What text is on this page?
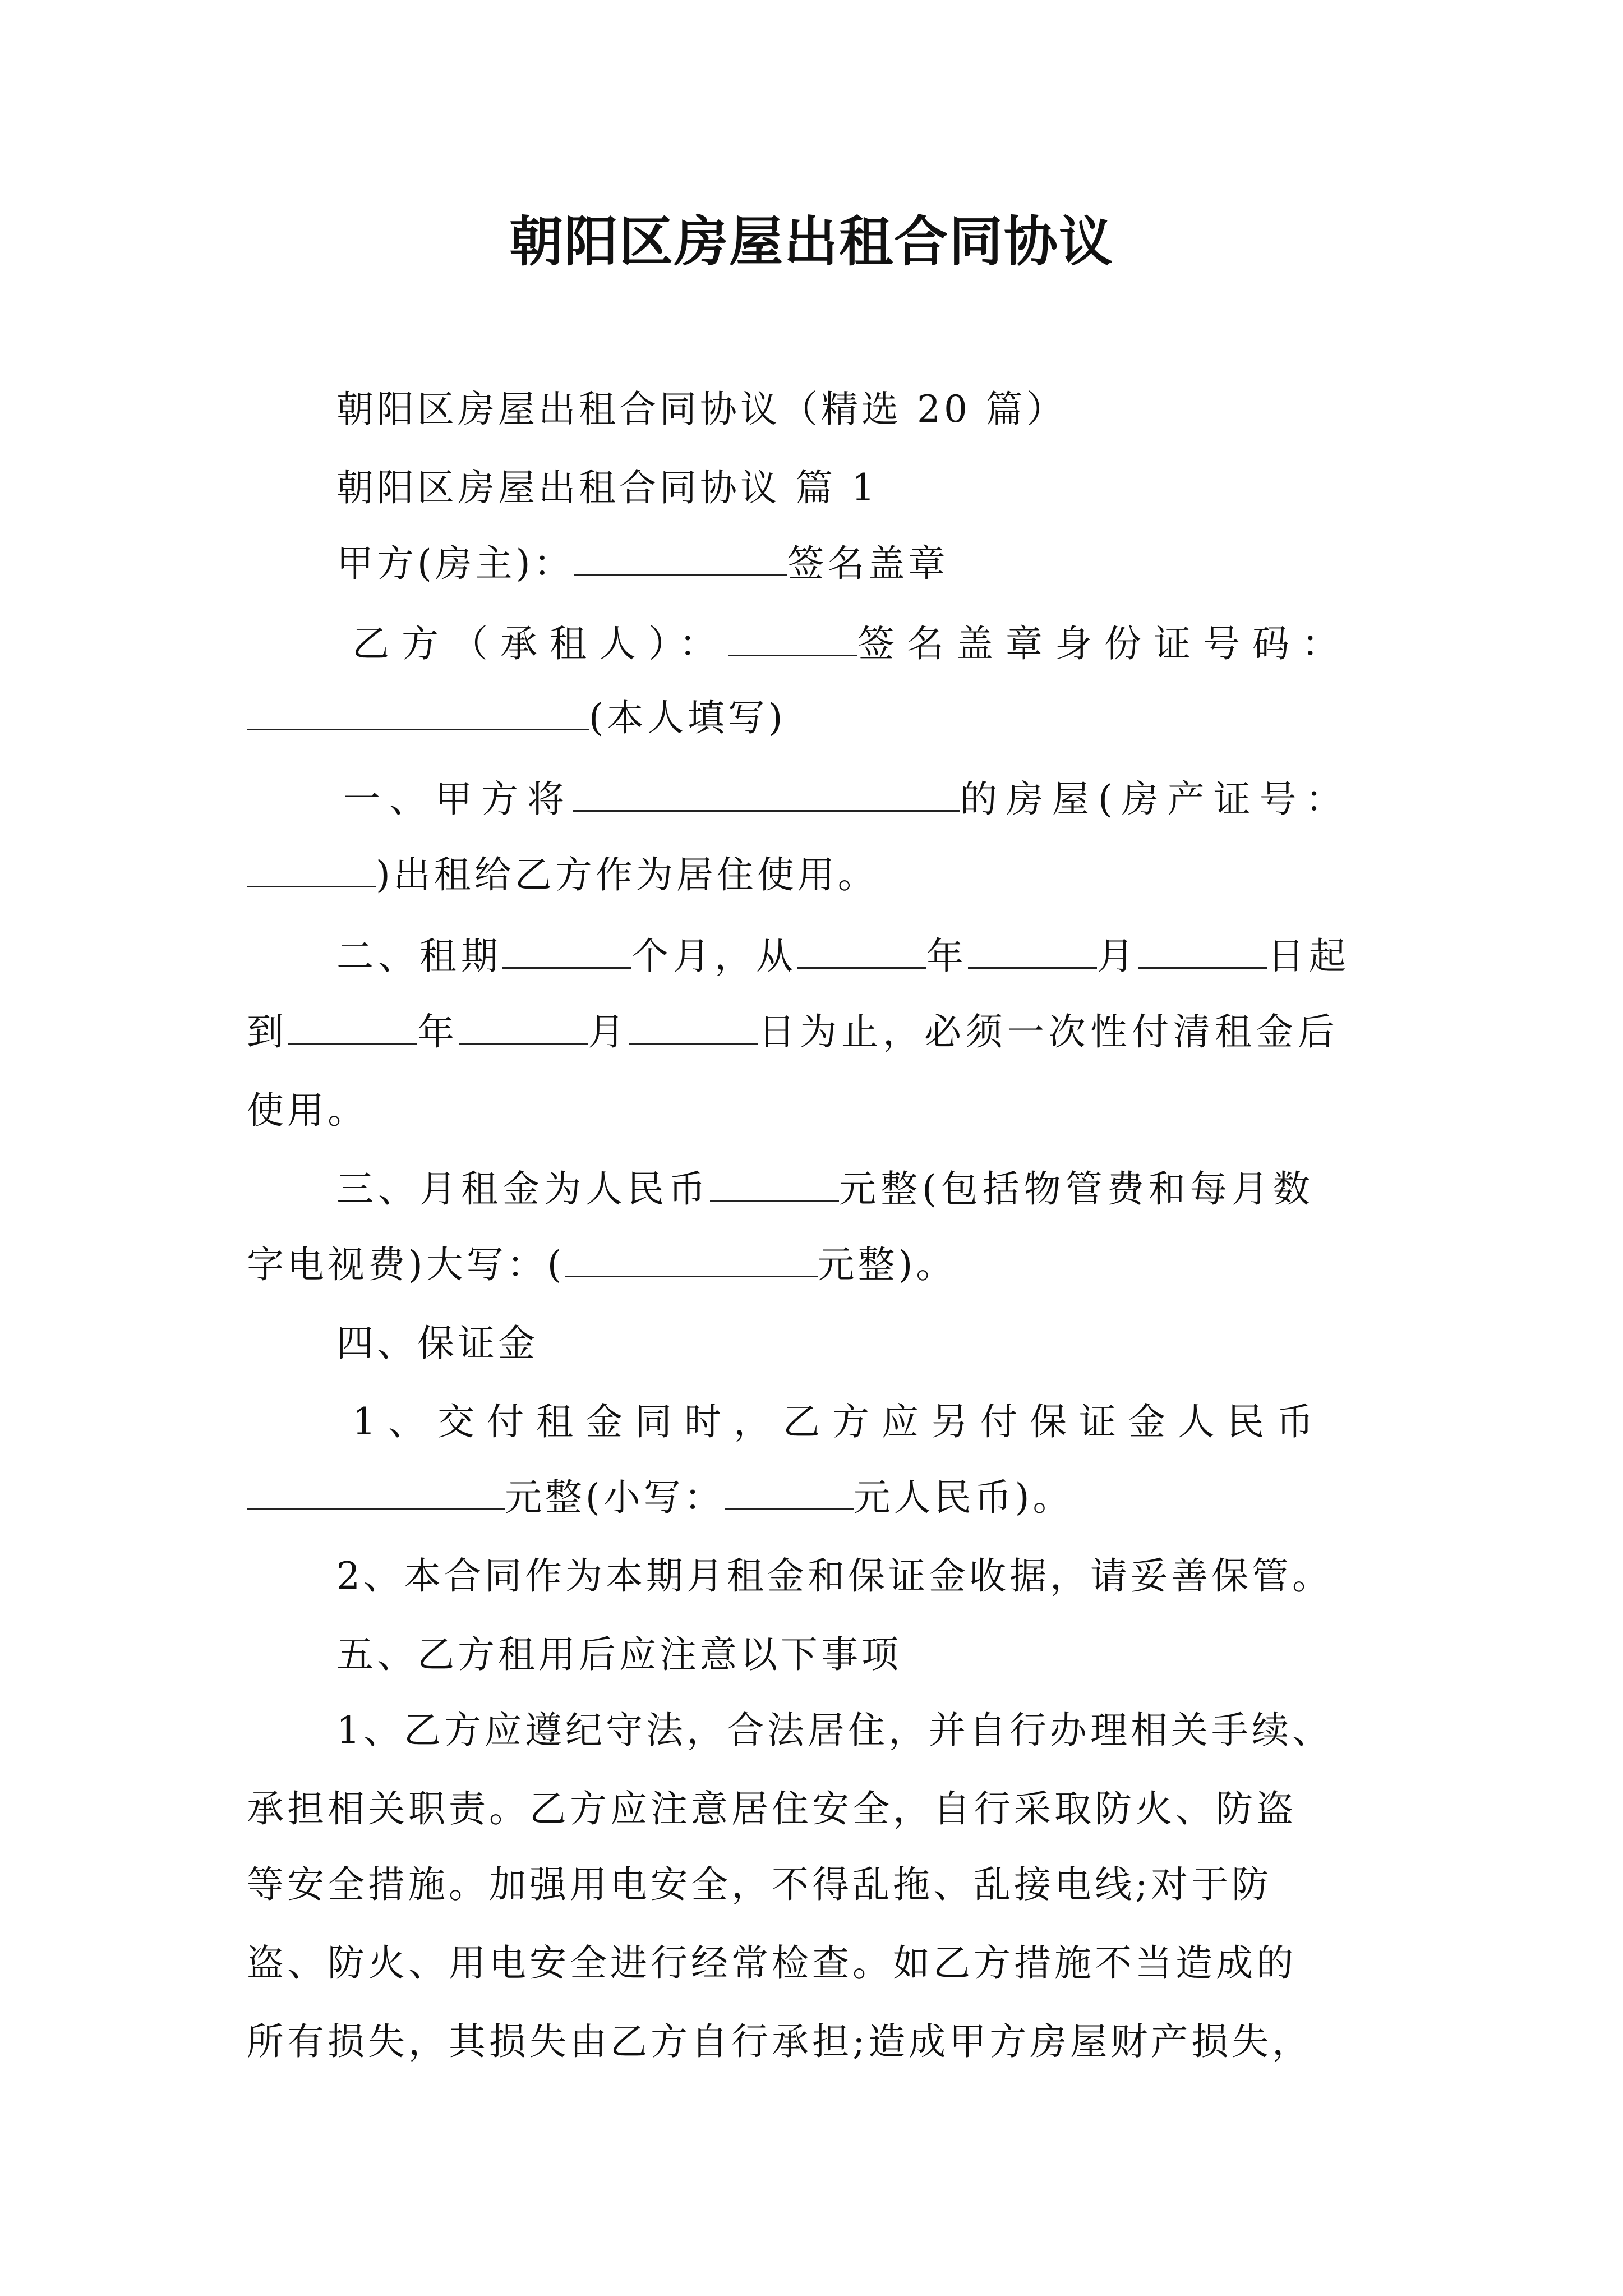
朝阳区房屋出租合同协议
朝阳区房屋出租合同协议（精选 20 篇）
朝阳区房屋出租合同协议 篇 1
甲方(房主)：	签名盖章
乙方（承租人）：	签名盖章身份证号码：
(本人填写)
一、甲方将	的房屋(房产证号：
)出租给乙方作为居住使用。
二、租期	个月，从	年	月	日起
到	年	月	日为止，必须一次性付清租金后
使用。
三、月租金为人民币	元整(包括物管费和每月数
字电视费)大写：(	元整)。
四、保证金
1、交付租金同时，乙方应另付保证金人民币
元整(小写：	元人民币)。
2、本合同作为本期月租金和保证金收据，请妥善保管。
五、乙方租用后应注意以下事项
1、乙方应遵纪守法，合法居住，并自行办理相关手续、
承担相关职责。乙方应注意居住安全，自行采取防火、防盗
等安全措施。加强用电安全，不得乱拖、乱接电线;对于防
盗、防火、用电安全进行经常检查。如乙方措施不当造成的
所有损失，其损失由乙方自行承担;造成甲方房屋财产损失，
